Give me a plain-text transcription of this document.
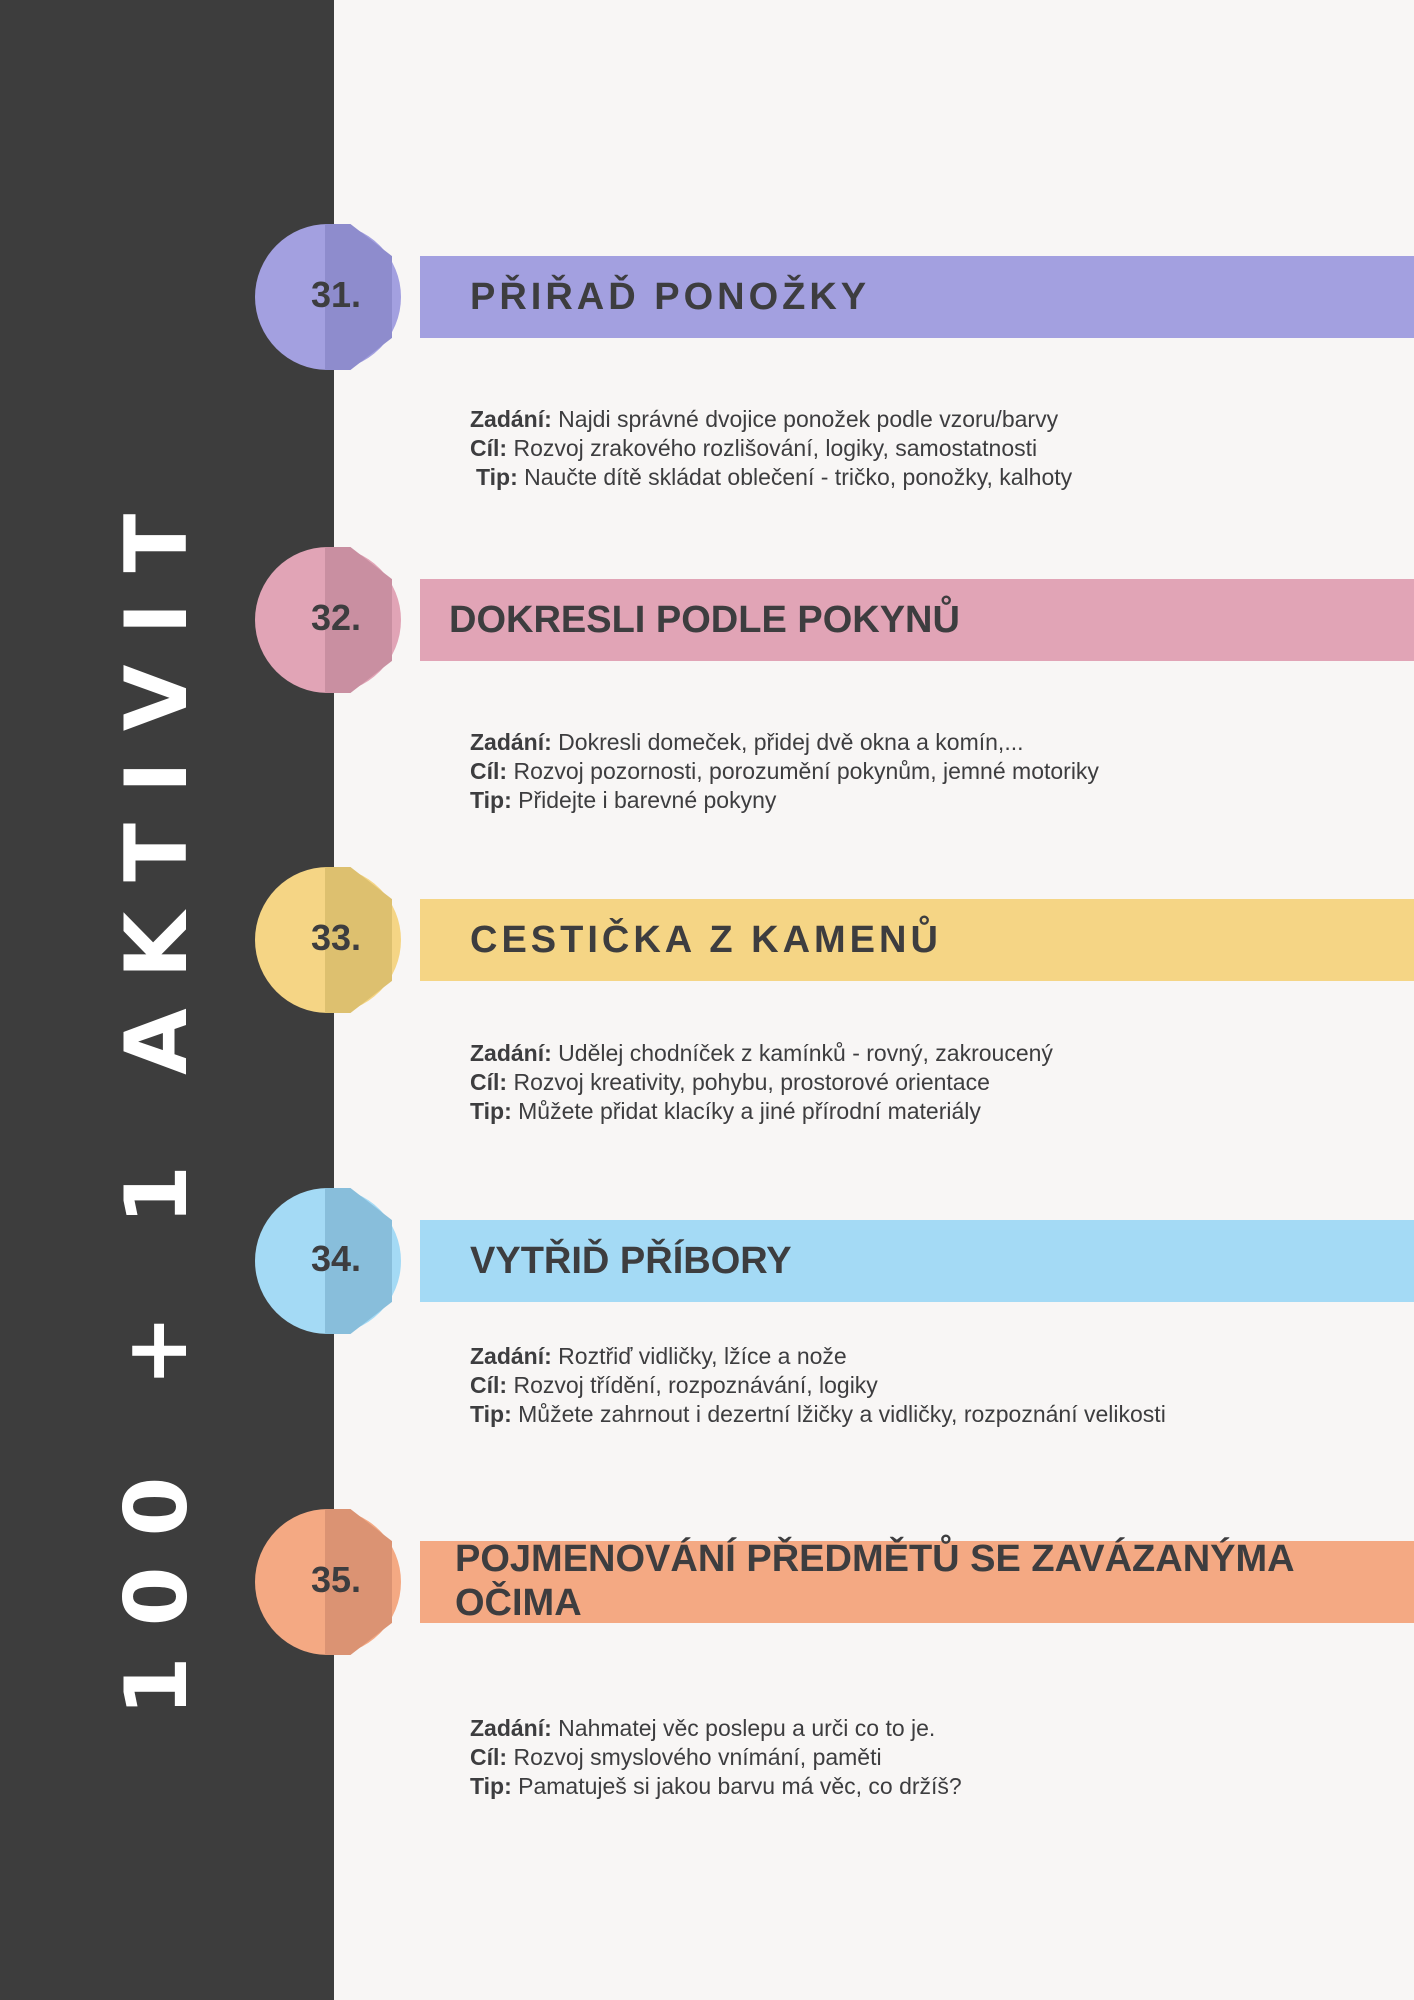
100 + 1 AKTIVIT
31.	PŘIŘAĎ PONOŽKY
Zadání: Najdi správné dvojice ponožek podle vzoru/barvy
Cíl: Rozvoj zrakového rozlišování, logiky, samostatnosti
Tip: Naučte dítě skládat oblečení - tričko, ponožky, kalhoty
32.	DOKRESLI PODLE POKYNŮ
Zadání: Dokresli domeček, přidej dvě okna a komín,...
Cíl: Rozvoj pozornosti, porozumění pokynům, jemné motoriky
Tip: Přidejte i barevné pokyny
33.	CESTIČKA Z KAMENŮ
Zadání: Udělej chodníček z kamínků - rovný, zakroucený
Cíl: Rozvoj kreativity, pohybu, prostorové orientace
Tip: Můžete přidat klacíky a jiné přírodní materiály
34.	VYTŘIĎ PŘÍBORY
Zadání: Roztřiď vidličky, lžíce a nože
Cíl: Rozvoj třídění, rozpoznávání, logiky
Tip: Můžete zahrnout i dezertní lžičky a vidličky, rozpoznání velikosti
35.	POJMENOVÁNÍ PŘEDMĚTŮ SE ZAVÁZANÝMA
OČIMA
Zadání: Nahmatej věc poslepu a urči co to je.
Cíl: Rozvoj smyslového vnímání, paměti
Tip: Pamatuješ si jakou barvu má věc, co držíš?
